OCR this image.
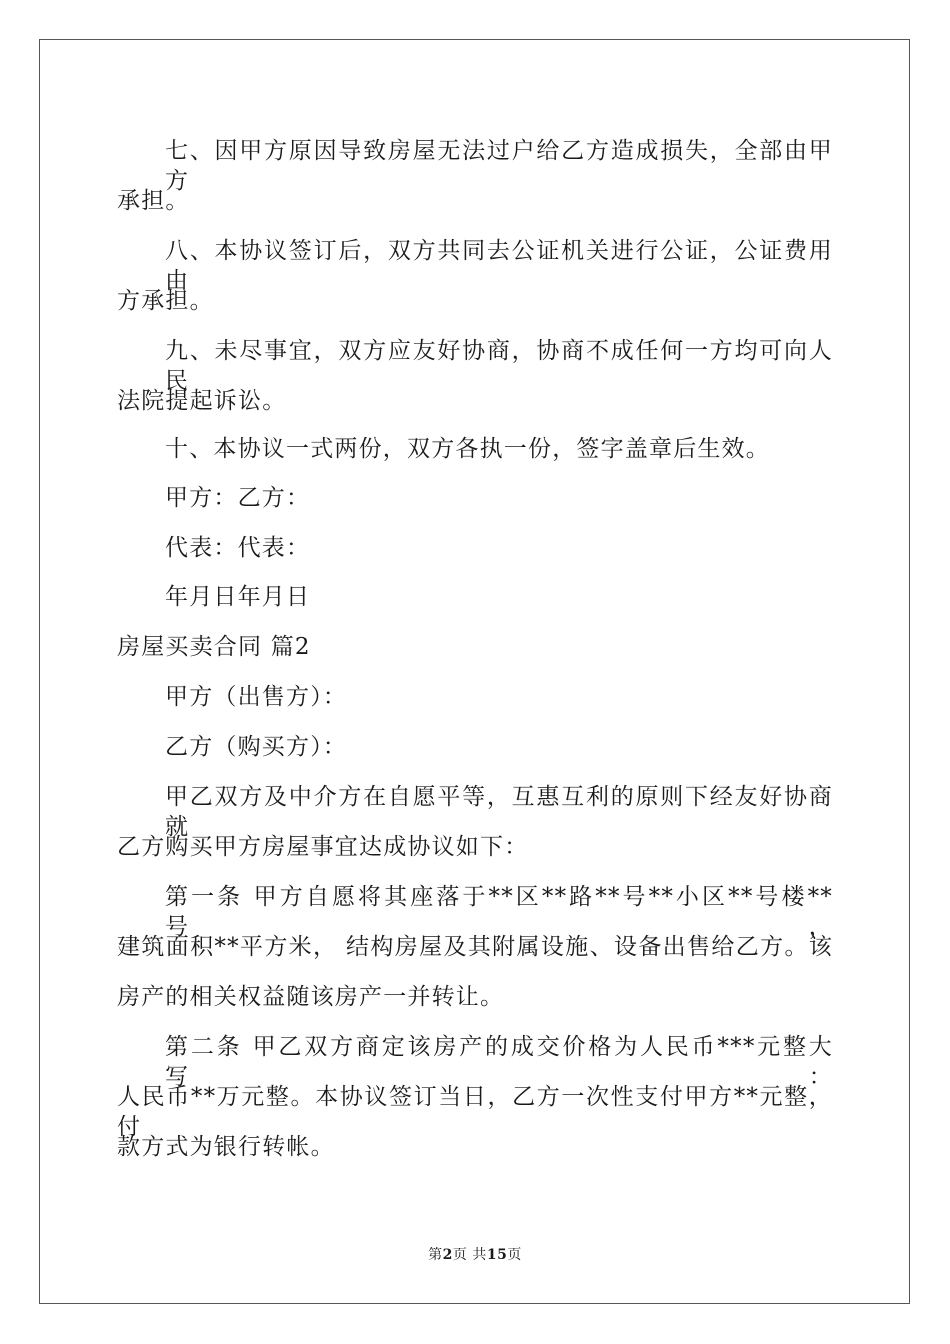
七、因甲方原因导致房屋无法过户给乙方造成损失，全部由甲方
承担。
八、本协议签订后，双方共同去公证机关进行公证，公证费用由
方承担。
九、未尽事宜，双方应友好协商，协商不成任何一方均可向人民
法院提起诉讼。
十、本协议一式两份，双方各执一份，签字盖章后生效。
甲方：乙方：
代表：代表：
年月日年月日
房屋买卖合同 篇2
甲方（出售方）：
乙方（购买方）：
甲乙双方及中介方在自愿平等，互惠互利的原则下经友好协商就
乙方购买甲方房屋事宜达成协议如下：
第一条 甲方自愿将其座落于**区**路**号**小区**号楼**号，
建筑面积**平方米， 结构房屋及其附属设施、设备出售给乙方。该
房产的相关权益随该房产一并转让。
第二条 甲乙双方商定该房产的成交价格为人民币***元整大写：
人民币**万元整。本协议签订当日，乙方一次性支付甲方**元整，付
款方式为银行转帐。
第2页 共15页
